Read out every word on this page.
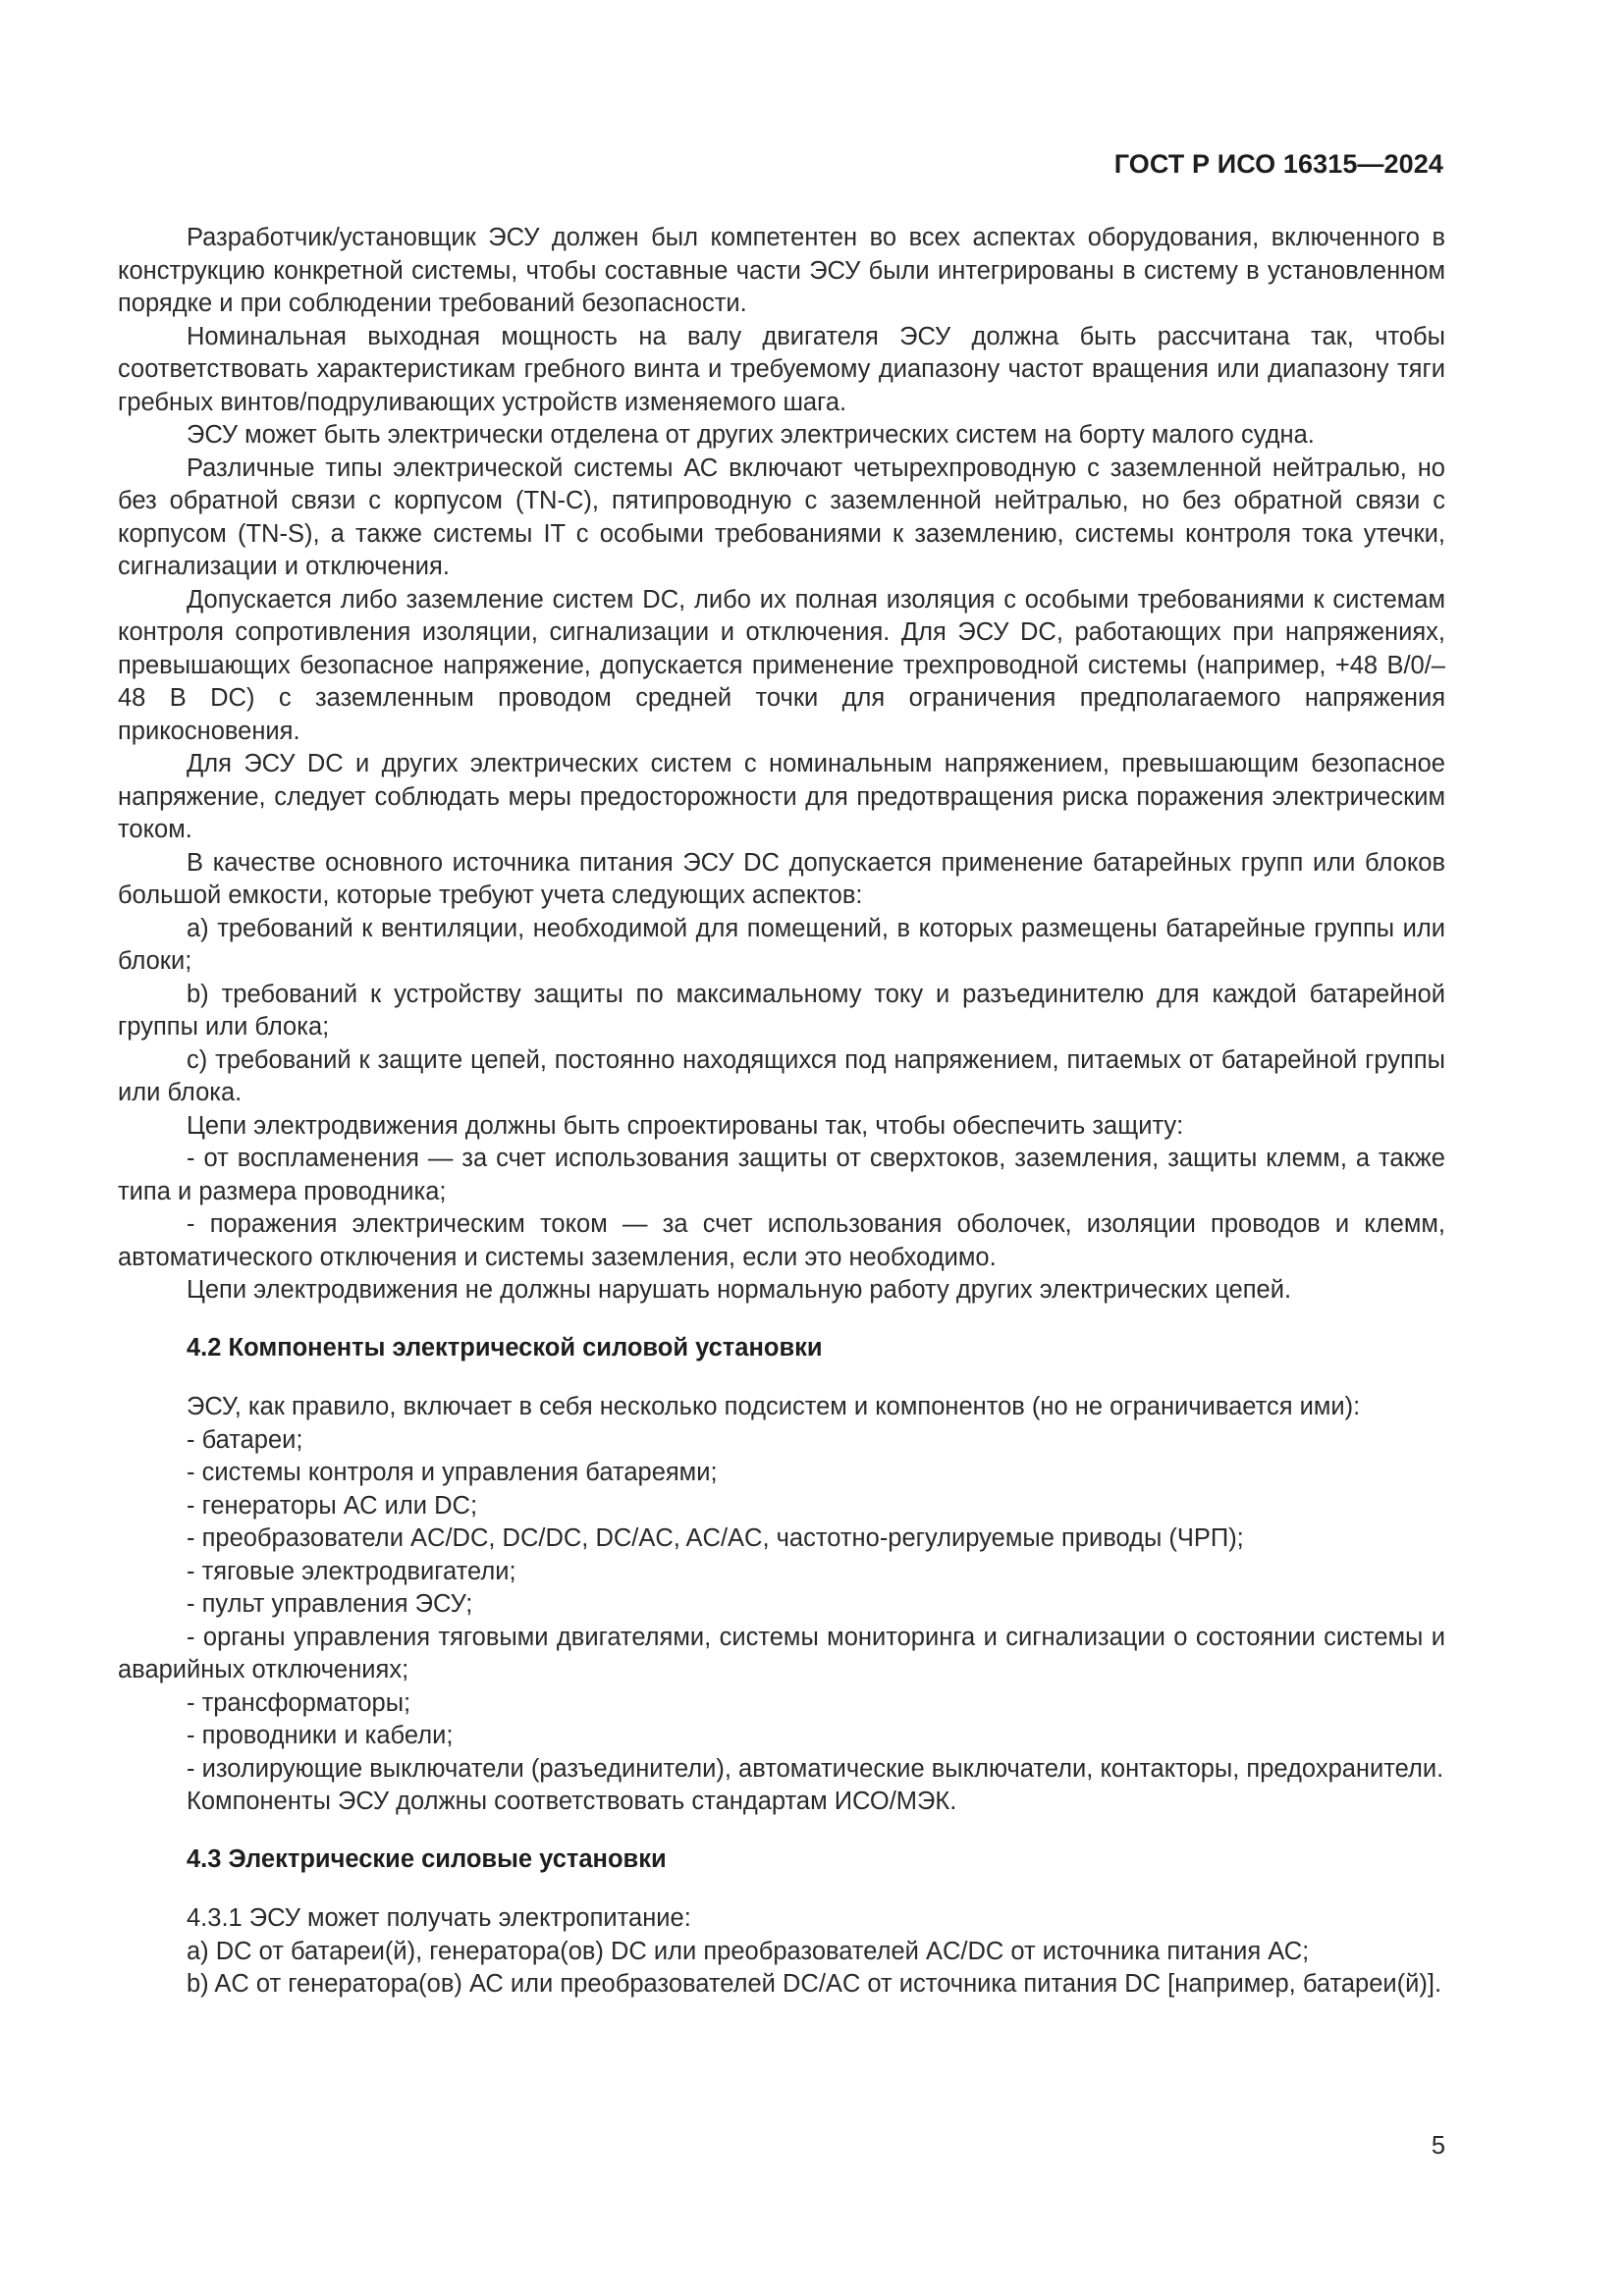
ГОСТ Р ИСО 16315—2024

Разработчик/установщик ЭСУ должен был компетентен во всех аспектах оборудования, включенного в конструкцию конкретной системы, чтобы составные части ЭСУ были интегрированы в систему в установленном порядке и при соблюдении требований безопасности.

Номинальная выходная мощность на валу двигателя ЭСУ должна быть рассчитана так, чтобы соответствовать характеристикам гребного винта и требуемому диапазону частот вращения или диапазону тяги гребных винтов/подруливающих устройств изменяемого шага.

ЭСУ может быть электрически отделена от других электрических систем на борту малого судна.

Различные типы электрической системы АС включают четырехпроводную с заземленной нейтралью, но без обратной связи с корпусом (TN-C), пятипроводную с заземленной нейтралью, но без обратной связи с корпусом (TN-S), а также системы IT с особыми требованиями к заземлению, системы контроля тока утечки, сигнализации и отключения.

Допускается либо заземление систем DC, либо их полная изоляция с особыми требованиями к системам контроля сопротивления изоляции, сигнализации и отключения. Для ЭСУ DC, работающих при напряжениях, превышающих безопасное напряжение, допускается применение трехпроводной системы (например, +48 В/0/–48 В DC) с заземленным проводом средней точки для ограничения предполагаемого напряжения прикосновения.

Для ЭСУ DC и других электрических систем с номинальным напряжением, превышающим безопасное напряжение, следует соблюдать меры предосторожности для предотвращения риска поражения электрическим током.

В качестве основного источника питания ЭСУ DC допускается применение батарейных групп или блоков большой емкости, которые требуют учета следующих аспектов:

a) требований к вентиляции, необходимой для помещений, в которых размещены батарейные группы или блоки;

b) требований к устройству защиты по максимальному току и разъединителю для каждой батарейной группы или блока;

c) требований к защите цепей, постоянно находящихся под напряжением, питаемых от батарейной группы или блока.

Цепи электродвижения должны быть спроектированы так, чтобы обеспечить защиту:

- от воспламенения — за счет использования защиты от сверхтоков, заземления, защиты клемм, а также типа и размера проводника;

- поражения электрическим током — за счет использования оболочек, изоляции проводов и клемм, автоматического отключения и системы заземления, если это необходимо.

Цепи электродвижения не должны нарушать нормальную работу других электрических цепей.

4.2 Компоненты электрической силовой установки

ЭСУ, как правило, включает в себя несколько подсистем и компонентов (но не ограничивается ими):

- батареи;

- системы контроля и управления батареями;

- генераторы АС или DC;

- преобразователи AC/DC, DC/DC, DC/AC, AC/AC, частотно-регулируемые приводы (ЧРП);

- тяговые электродвигатели;

- пульт управления ЭСУ;

- органы управления тяговыми двигателями, системы мониторинга и сигнализации о состоянии системы и аварийных отключениях;

- трансформаторы;

- проводники и кабели;

- изолирующие выключатели (разъединители), автоматические выключатели, контакторы, предохранители.

Компоненты ЭСУ должны соответствовать стандартам ИСО/МЭК.

4.3 Электрические силовые установки

4.3.1 ЭСУ может получать электропитание:

a) DC от батареи(й), генератора(ов) DC или преобразователей AC/DC от источника питания АС;

b) AC от генератора(ов) АС или преобразователей DC/AC от источника питания DC [например, батареи(й)].

5
